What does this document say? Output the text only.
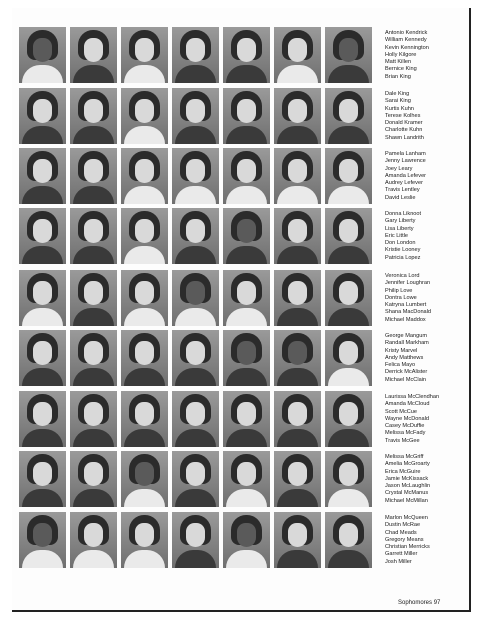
Antonio Kendrick
William Kennedy
Kevin Kennington
Holly Kilgore
Matt Killen
Bernice King
Brian King
Dale King
Sarai King
Kurtis Kuhn
Terese Kolhes
Donald Kramer
Charlotte Kuhn
Shawn Landrith
Pamela Lanham
Jenny Lawrence
Joey Leary
Amanda Lefever
Audrey Lefever
Travis Lentley
David Leslie
Donna Liknoot
Gary Liberty
Lisa Liberty
Eric Little
Don London
Kristie Looney
Patricia Lopez
Veronica Lord
Jennifer Loughran
Philip Love
Dontra Lowe
Katryna Lumbert
Shana MacDonald
Michael Maddox
George Mangum
Randall Markham
Kristy Marvel
Andy Matthews
Felica Mayo
Derrick McAlister
Michael McClain
Laurissa McClendhan
Amanda McCloud
Scott McCue
Wayne McDonald
Casey McDuffie
Melissa McFady
Travis McGee
Melissa McGriff
Amelia McGroarty
Erica McGuire
Jamie McKissack
Jason McLaughlin
Crystal McManus
Michael McMillan
Marlon McQueen
Dustin McRae
Chad Meads
Gregory Means
Christian Merricks
Garrett Miller
Josh Miller
Sophomores 97
